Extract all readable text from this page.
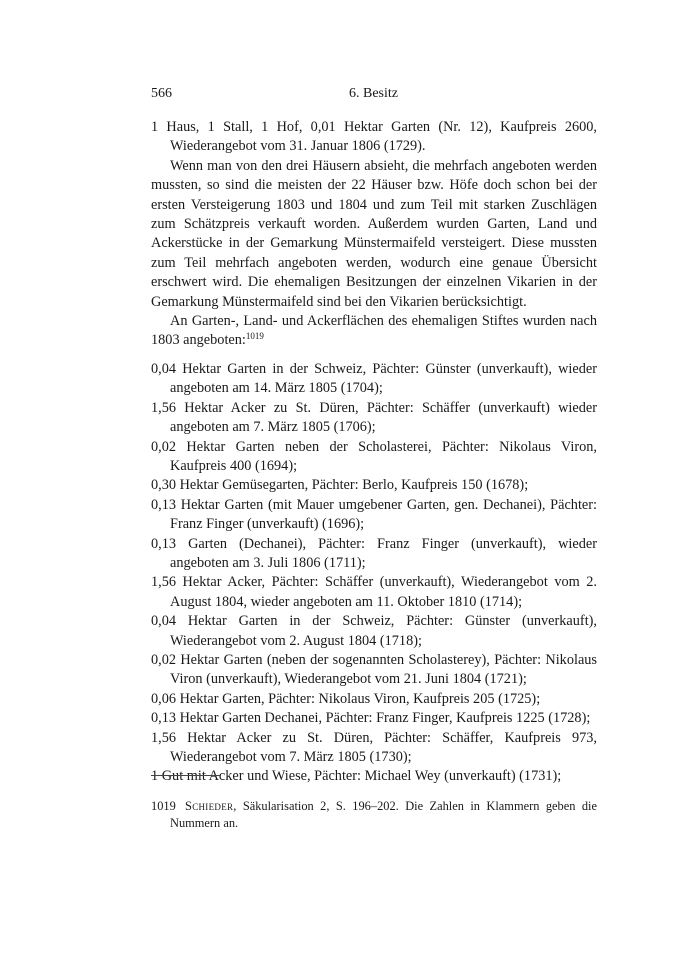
566	6. Besitz

1 Haus, 1 Stall, 1 Hof, 0,01 Hektar Garten (Nr. 12), Kaufpreis 2600, Wiederangebot vom 31. Januar 1806 (1729).

Wenn man von den drei Häusern absieht, die mehrfach angeboten werden mussten, so sind die meisten der 22 Häuser bzw. Höfe doch schon bei der ersten Versteigerung 1803 und 1804 und zum Teil mit starken Zuschlägen zum Schätzpreis verkauft worden. Außerdem wurden Garten, Land und Ackerstücke in der Gemarkung Münstermaifeld versteigert. Diese mussten zum Teil mehrfach angeboten werden, wodurch eine genaue Übersicht erschwert wird. Die ehemaligen Besitzungen der einzelnen Vikarien in der Gemarkung Münstermaifeld sind bei den Vikarien berücksichtigt.

An Garten-, Land- und Ackerflächen des ehemaligen Stiftes wurden nach 1803 angeboten:$^{1019}$

0,04 Hektar Garten in der Schweiz, Pächter: Günster (unverkauft), wieder angeboten am 14. März 1805 (1704);

1,56 Hektar Acker zu St. Düren, Pächter: Schäffer (unverkauft) wieder angeboten am 7. März 1805 (1706);

0,02 Hektar Garten neben der Scholasterei, Pächter: Nikolaus Viron, Kaufpreis 400 (1694);

0,30 Hektar Gemüsegarten, Pächter: Berlo, Kaufpreis 150 (1678);

0,13 Hektar Garten (mit Mauer umgebener Garten, gen. Dechanei), Pächter: Franz Finger (unverkauft) (1696);

0,13 Garten (Dechanei), Pächter: Franz Finger (unverkauft), wieder angeboten am 3. Juli 1806 (1711);

1,56 Hektar Acker, Pächter: Schäffer (unverkauft), Wiederangebot vom 2. August 1804, wieder angeboten am 11. Oktober 1810 (1714);

0,04 Hektar Garten in der Schweiz, Pächter: Günster (unverkauft), Wiederangebot vom 2. August 1804 (1718);

0,02 Hektar Garten (neben der sogenannten Scholasterey), Pächter: Nikolaus Viron (unverkauft), Wiederangebot vom 21. Juni 1804 (1721);

0,06 Hektar Garten, Pächter: Nikolaus Viron, Kaufpreis 205 (1725);

0,13 Hektar Garten Dechanei, Pächter: Franz Finger, Kaufpreis 1225 (1728);

1,56 Hektar Acker zu St. Düren, Pächter: Schäffer, Kaufpreis 973, Wiederangebot vom 7. März 1805 (1730);

1 Gut mit Acker und Wiese, Pächter: Michael Wey (unverkauft) (1731);

1019 Schieder, Säkularisation 2, S. 196–202. Die Zahlen in Klammern geben die Nummern an.
